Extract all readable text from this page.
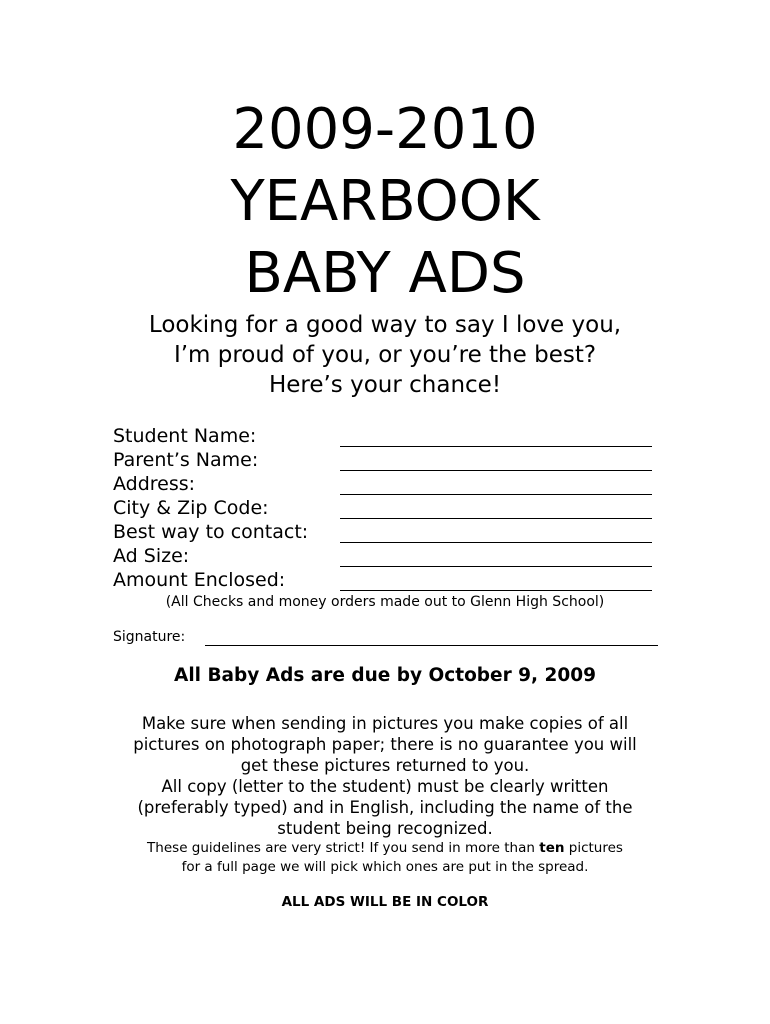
2009-2010
YEARBOOK
BABY ADS
Looking for a good way to say I love you,
I’m proud of you, or you’re the best?
Here’s your chance!
Student Name:
Parent’s Name:
Address:
City & Zip Code:
Best way to contact:
Ad Size:
Amount Enclosed:
(All Checks and money orders made out to Glenn High School)
Signature:
All Baby Ads are due by October 9, 2009
Make sure when sending in pictures you make copies of all
pictures on photograph paper; there is no guarantee you will
get these pictures returned to you.
All copy (letter to the student) must be clearly written
(preferably typed) and in English, including the name of the
student being recognized.
These guidelines are very strict! If you send in more than ten pictures
for a full page we will pick which ones are put in the spread.
ALL ADS WILL BE IN COLOR
